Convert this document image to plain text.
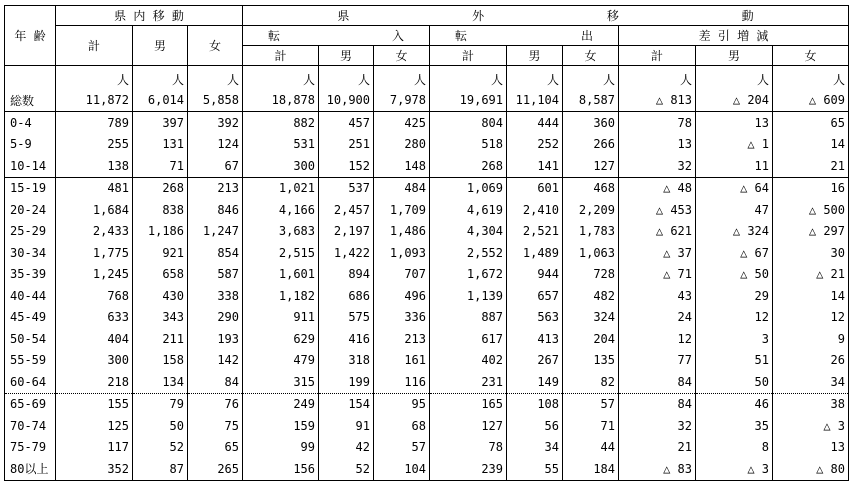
年 齢	県 内 移 動			県 外 移 動								

	計	男	女	転 入			転 出			差 引 増 減		
				計	男	女	計	男	女	計	男	女
	人	人	人	人	人	人	人	人	人	人	人	人
総数	11,872	6,014	5,858	18,878	10,900	7,978	19,691	11,104	8,587	△ 813	△ 204	△ 609
0-4	789	397	392	882	457	425	804	444	360	78	13	65
5-9	255	131	124	531	251	280	518	252	266	13	△ 1	14
10-14	138	71	67	300	152	148	268	141	127	32	11	21
15-19	481	268	213	1,021	537	484	1,069	601	468	△ 48	△ 64	16
20-24	1,684	838	846	4,166	2,457	1,709	4,619	2,410	2,209	△ 453	47	△ 500
25-29	2,433	1,186	1,247	3,683	2,197	1,486	4,304	2,521	1,783	△ 621	△ 324	△ 297
30-34	1,775	921	854	2,515	1,422	1,093	2,552	1,489	1,063	△ 37	△ 67	30
35-39	1,245	658	587	1,601	894	707	1,672	944	728	△ 71	△ 50	△ 21
40-44	768	430	338	1,182	686	496	1,139	657	482	43	29	14
45-49	633	343	290	911	575	336	887	563	324	24	12	12
50-54	404	211	193	629	416	213	617	413	204	12	3	9
55-59	300	158	142	479	318	161	402	267	135	77	51	26
60-64	218	134	84	315	199	116	231	149	82	84	50	34
65-69	155	79	76	249	154	95	165	108	57	84	46	38
70-74	125	50	75	159	91	68	127	56	71	32	35	△ 3
75-79	117	52	65	99	42	57	78	34	44	21	8	13
80以上	352	87	265	156	52	104	239	55	184	△ 83	△ 3	△ 80
